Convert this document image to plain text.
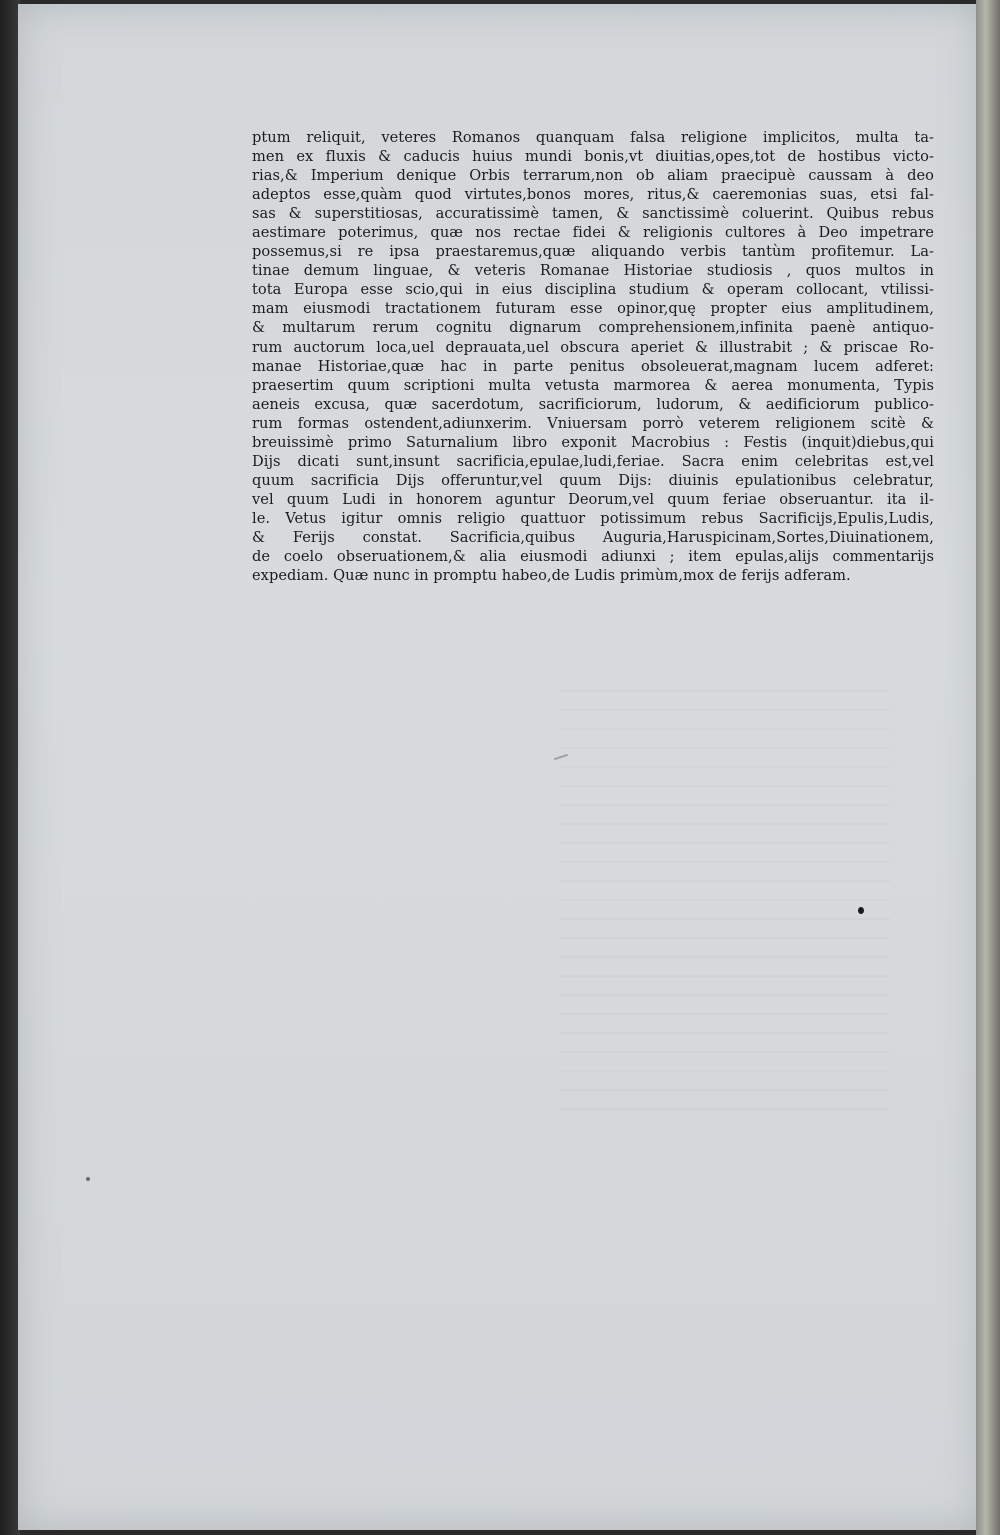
ptum reliquit, veteres Romanos quanquam falsa religione implicitos, multa ta-
men ex fluxis & caducis huius mundi bonis,vt diuitias,opes,tot de hostibus victo-
rias,& Imperium denique Orbis terrarum,non ob aliam praecipuè caussam à deo
adeptos esse,quàm quod virtutes,bonos mores, ritus,& caeremonias suas, etsi fal-
sas & superstitiosas, accuratissimè tamen, & sanctissimè coluerint. Quibus rebus
aestimare poterimus, quæ nos rectae fidei & religionis cultores à Deo impetrare
possemus,si re ipsa praestaremus,quæ aliquando verbis tantùm profitemur. La-
tinae demum linguae, & veteris Romanae Historiae studiosis , quos multos in
tota Europa esse scio,qui in eius disciplina studium & operam collocant, vtilissi-
mam eiusmodi tractationem futuram esse opinor,quę propter eius amplitudinem,
& multarum rerum cognitu dignarum comprehensionem,infinita paenè antiquo-
rum auctorum loca,uel deprauata,uel obscura aperiet & illustrabit ; & priscae Ro-
manae Historiae,quæ hac in parte penitus obsoleuerat,magnam lucem adferet:
praesertim quum scriptioni multa vetusta marmorea & aerea monumenta, Typis
aeneis excusa, quæ sacerdotum, sacrificiorum, ludorum, & aedificiorum publico-
rum formas ostendent,adiunxerim. Vniuersam porrò veterem religionem scitè &
breuissimè primo Saturnalium libro exponit Macrobius : Festis (inquit)diebus,qui
Dijs dicati sunt,insunt sacrificia,epulae,ludi,feriae. Sacra enim celebritas est,vel
quum sacrificia Dijs offeruntur,vel quum Dijs: diuinis epulationibus celebratur,
vel quum Ludi in honorem aguntur Deorum,vel quum feriae obseruantur. ita il-
le. Vetus igitur omnis religio quattuor potissimum rebus Sacrificijs,Epulis,Ludis,
& Ferijs constat. Sacrificia,quibus Auguria,Haruspicinam,Sortes,Diuinationem,
de coelo obseruationem,& alia eiusmodi adiunxi ; item epulas,alijs commentarijs
expediam. Quæ nunc in promptu habeo,de Ludis primùm,mox de ferijs adferam.
